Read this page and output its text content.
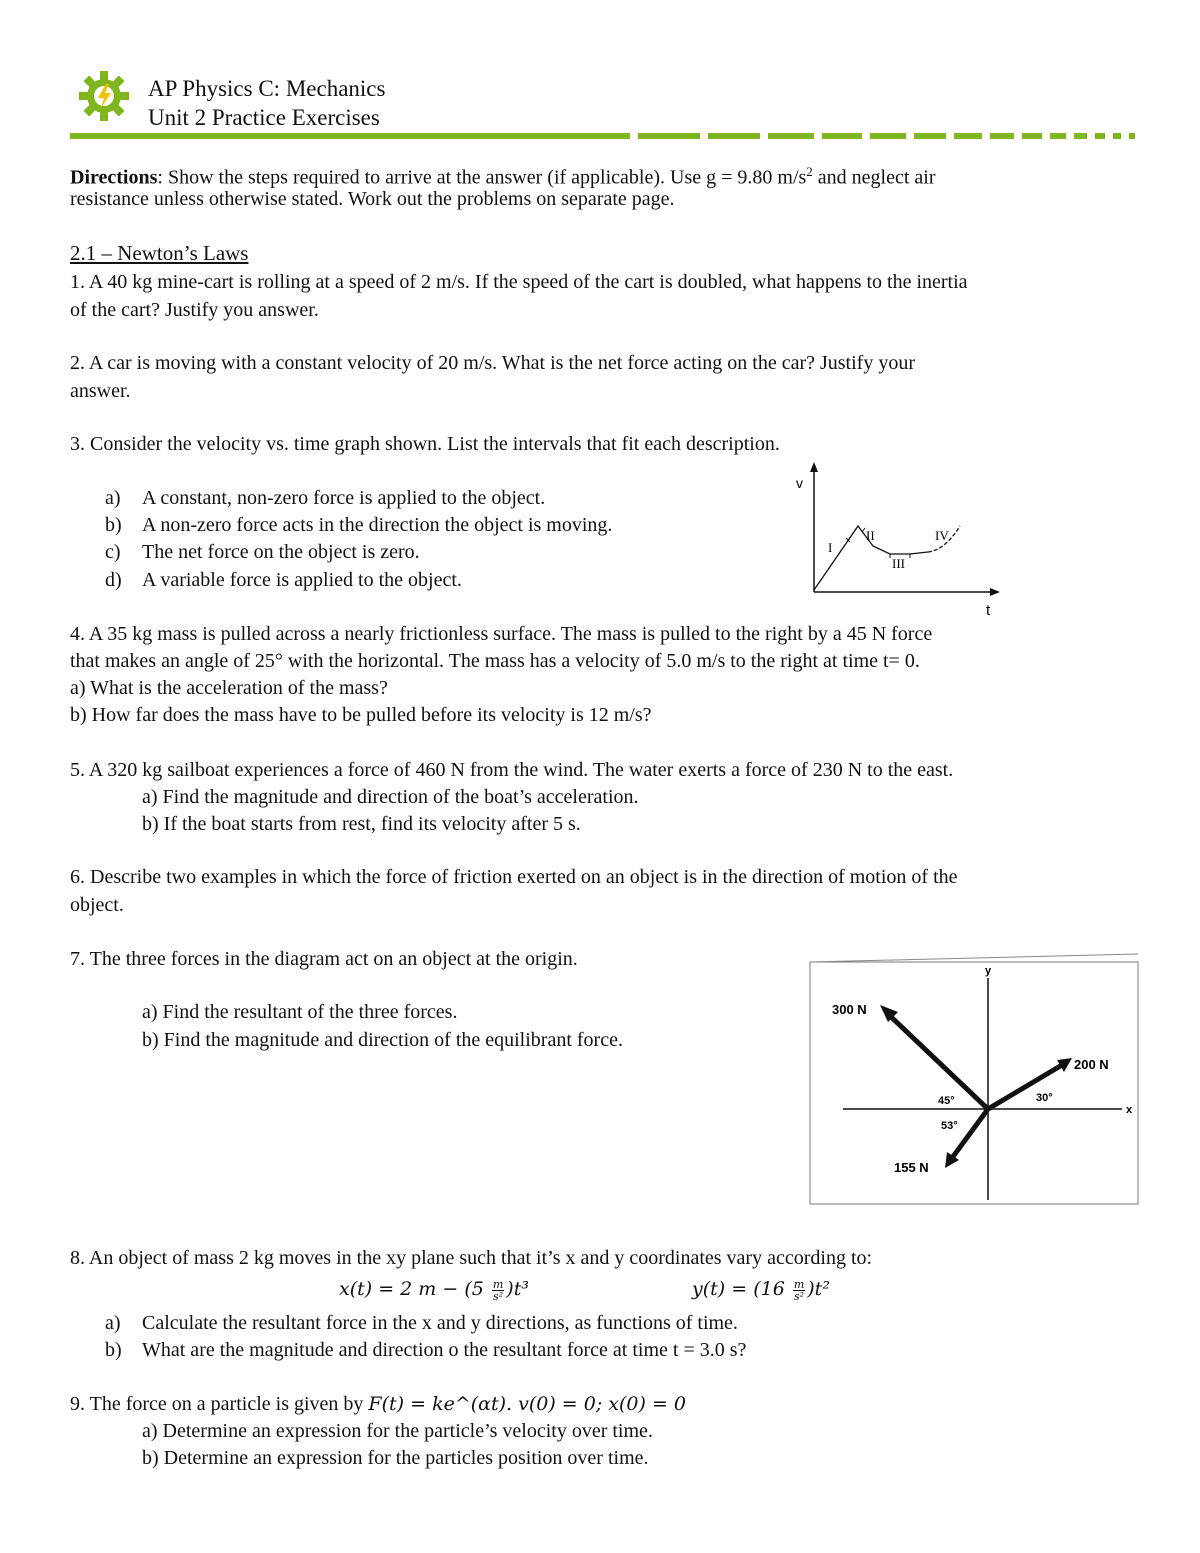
AP Physics C: Mechanics
Unit 2 Practice Exercises
Directions: Show the steps required to arrive at the answer (if applicable). Use g = 9.80 $m/s^2$ and neglect air
resistance unless otherwise stated. Work out the problems on separate page.
2.1 – Newton’s Laws
1. A 40 kg mine-cart is rolling at a speed of 2 m/s. If the speed of the cart is doubled, what happens to the inertia
of the cart? Justify you answer.
2. A car is moving with a constant velocity of 20 m/s. What is the net force acting on the car? Justify your
answer.
3. Consider the velocity vs. time graph shown. List the intervals that fit each description.
a) A constant, non-zero force is applied to the object.
b) A non-zero force acts in the direction the object is moving.
c) The net force on the object is zero.
d) A variable force is applied to the object.
v
t
I
II
III
IV
4. A 35 kg mass is pulled across a nearly frictionless surface. The mass is pulled to the right by a 45 N force
that makes an angle of 25° with the horizontal. The mass has a velocity of 5.0 m/s to the right at time t= 0.
a) What is the acceleration of the mass?
b) How far does the mass have to be pulled before its velocity is 12 m/s?
5. A 320 kg sailboat experiences a force of 460 N from the wind. The water exerts a force of 230 N to the east.
a) Find the magnitude and direction of the boat’s acceleration.
b) If the boat starts from rest, find its velocity after 5 s.
6. Describe two examples in which the force of friction exerted on an object is in the direction of motion of the
object.
7. The three forces in the diagram act on an object at the origin.
a) Find the resultant of the three forces.
b) Find the magnitude and direction of the equilibrant force.
y
x
300 N
200 N
155 N
45°	30°
53°
8. An object of mass 2 kg moves in the xy plane such that it’s x and y coordinates vary according to:
x(t) = 2 $m - (5 \frac{m}{\text{s²}} )t^3$	$y(t) = (16 \frac{m}{\text{s²}} )t^2$
a) Calculate the resultant force in the x and y directions, as functions of time.
b) What are the magnitude and direction o the resultant force at time t = 3.0 s?
9. The force on a particle is given by F(t) = ke^(αt). v(0) = 0; x(0) = 0
a) Determine an expression for the particle’s velocity over time.
b) Determine an expression for the particles position over time.
